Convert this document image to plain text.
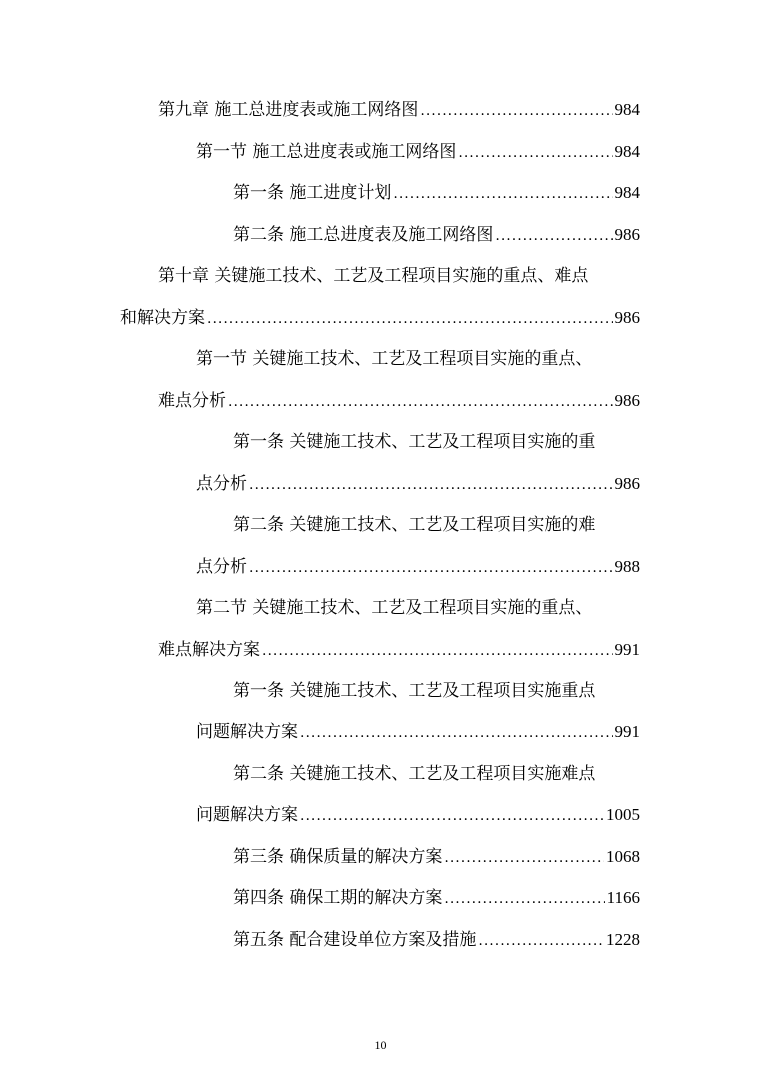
第九章 施工总进度表或施工网络图 .....	984
第一节 施工总进度表或施工网络图 .....	984
第一条 施工进度计划 .....	984
第二条 施工总进度表及施工网络图 .....	986
第十章 关键施工技术、工艺及工程项目实施的重点、难点
和解决方案 .....	986
第一节 关键施工技术、工艺及工程项目实施的重点、
难点分析 .....	986
第一条 关键施工技术、工艺及工程项目实施的重
点分析 .....	986
第二条 关键施工技术、工艺及工程项目实施的难
点分析 .....	988
第二节 关键施工技术、工艺及工程项目实施的重点、
难点解决方案 .....	991
第一条 关键施工技术、工艺及工程项目实施重点
问题解决方案 .....	991
第二条 关键施工技术、工艺及工程项目实施难点
问题解决方案 .....	1005
第三条 确保质量的解决方案 .....	1068
第四条 确保工期的解决方案 .....	1166
第五条 配合建设单位方案及措施 .....	1228
10
